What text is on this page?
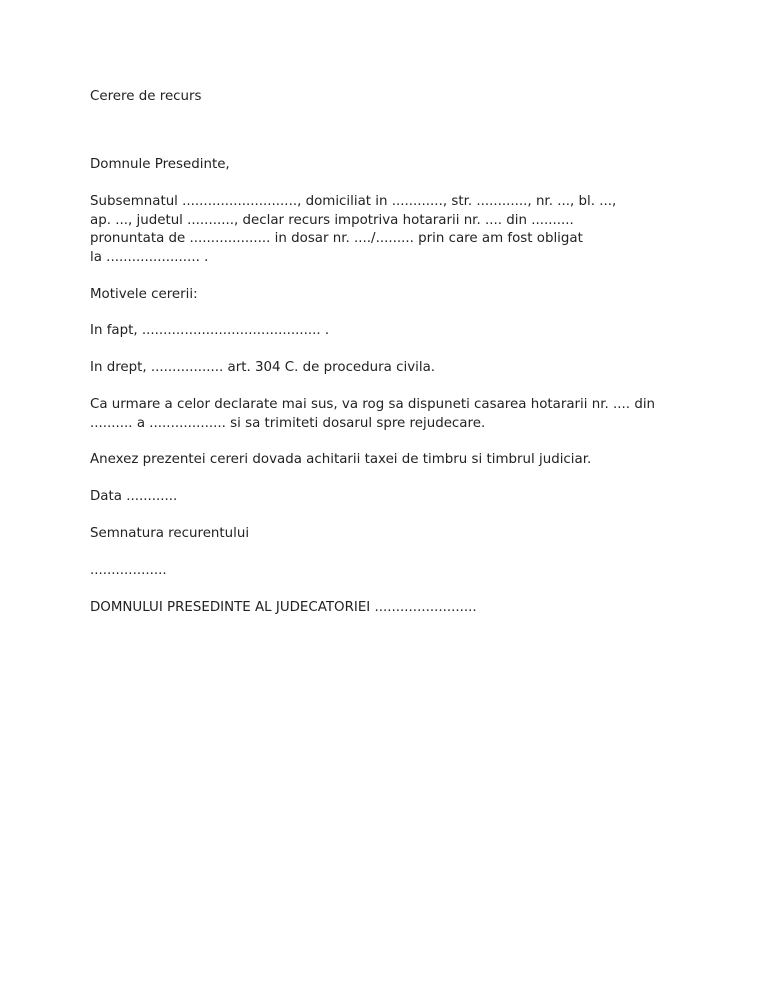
Cerere de recurs

Domnule Presedinte,

Subsemnatul ..........................., domiciliat in ............, str. ............, nr. ..., bl. ...,
ap. ..., judetul ..........., declar recurs impotriva hotararii nr. .... din ..........
pronuntata de ................... in dosar nr. ..../......... prin care am fost obligat
la ...................... .

Motivele cererii:

In fapt, .......................................... .

In drept, ................. art. 304 C. de procedura civila.

Ca urmare a celor declarate mai sus, va rog sa dispuneti casarea hotararii nr. .... din
.......... a .................. si sa trimiteti dosarul spre rejudecare.

Anexez prezentei cereri dovada achitarii taxei de timbru si timbrul judiciar.

Data ............

Semnatura recurentului

..................

DOMNULUI PRESEDINTE AL JUDECATORIEI ........................
